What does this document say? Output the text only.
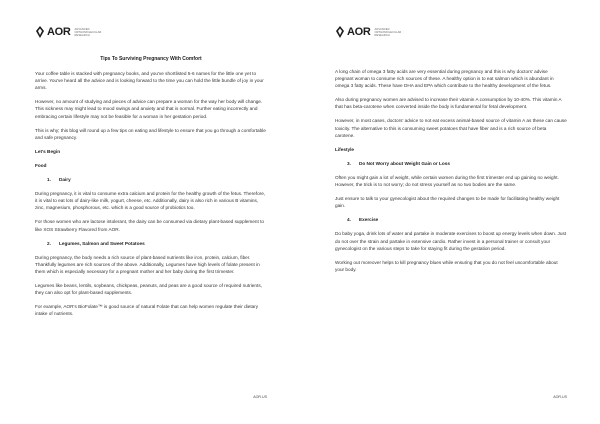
AOR ADVANCED ORTHOMOLECULAR RESEARCH

Tips To Surviving Pregnancy With Comfort

Your coffee table is stacked with pregnancy books, and you've shortlisted 5-6 names for the little one yet to arrive. You've heard all the advice and is looking forward to the time you can hold the little bundle of joy in your arms.

However, no amount of studying and pieces of advice can prepare a woman for the way her body will change. This sickness may might lead to mood swings and anxiety and that is normal. Further eating incorrectly and embracing certain lifestyle may not be feasible for a woman in her gestation period.

This is why; this blog will round up a few tips on eating and lifestyle to ensure that you go through a comfortable and safe pregnancy.

Let's Begin

Food

1. Dairy

During pregnancy, it is vital to consume extra calcium and protein for the healthy growth of the fetus. Therefore, it is vital to eat lots of dairy-like milk, yogurt, cheese, etc. Additionally, dairy is also rich in various B vitamins, zinc, magnesium, phosphorous, etc. which is a good source of probiotics too.

For those women who are lactose intolerant, the dairy can be consumed via dietary plant-based supplement to like XOS Strawberry Flavored from AOR.

2. Legumes, Salmon and Sweet Potatoes

During pregnancy, the body needs a rich source of plant-based nutrients like iron, protein, calcium, fiber. Thankfully legumes are rich sources of the above. Additionally, Legumes have high levels of folate present in them which is especially necessary for a pregnant mother and her baby during the first trimester.

Legumes like beans, lentils, soybeans, chickpeas, peanuts, and peas are a good source of required nutrients, they can also opt for plant-based supplements.

For example, AOR's BioFolate™ is good source of natural Folate that can help women regulate their dietary intake of nutrients.

AOR.US
AOR ADVANCED ORTHOMOLECULAR RESEARCH

A long chain of omega 3 fatty acids are very essential during pregnancy and this is why doctors' advise pregnant woman to consume rich sources of these. A healthy option is to eat salmon which is abundant in omega 3 fatty acids. These have DHA and EPA which contribute to the healthy development of the fetus.

Also during pregnancy women are advised to increase their vitamin A consumption by 10-40%. This vitamin A that has beta-carotene when converted inside the body is fundamental for fetal development.

However, in most cases, doctors' advice to not eat excess animal-based source of vitamin A as these can cause toxicity. The alternative to this is consuming sweet potatoes that have fiber and is a rich source of beta carotene.

Lifestyle

3. Do Not Worry about Weight Gain or Loss

Often you might gain a lot of weight, while certain women during the first trimester end up gaining no weight. However, the trick is to not worry; do not stress yourself as no two bodies are the same.

Just ensure to talk to your gynecologist about the required changes to be made for facilitating healthy weight gain.

4. Exercise

Do baby yoga, drink lots of water and partake in moderate exercises to boost up energy levels when down. Just do not over the strain and partake in extensive cardio. Rather invest in a personal trainer or consult your gynecologist on the various steps to take for staying fit during the gestation period.

Working out moreover helps to kill pregnancy blues while ensuring that you do not feel uncomfortable about your body.

AOR.US
